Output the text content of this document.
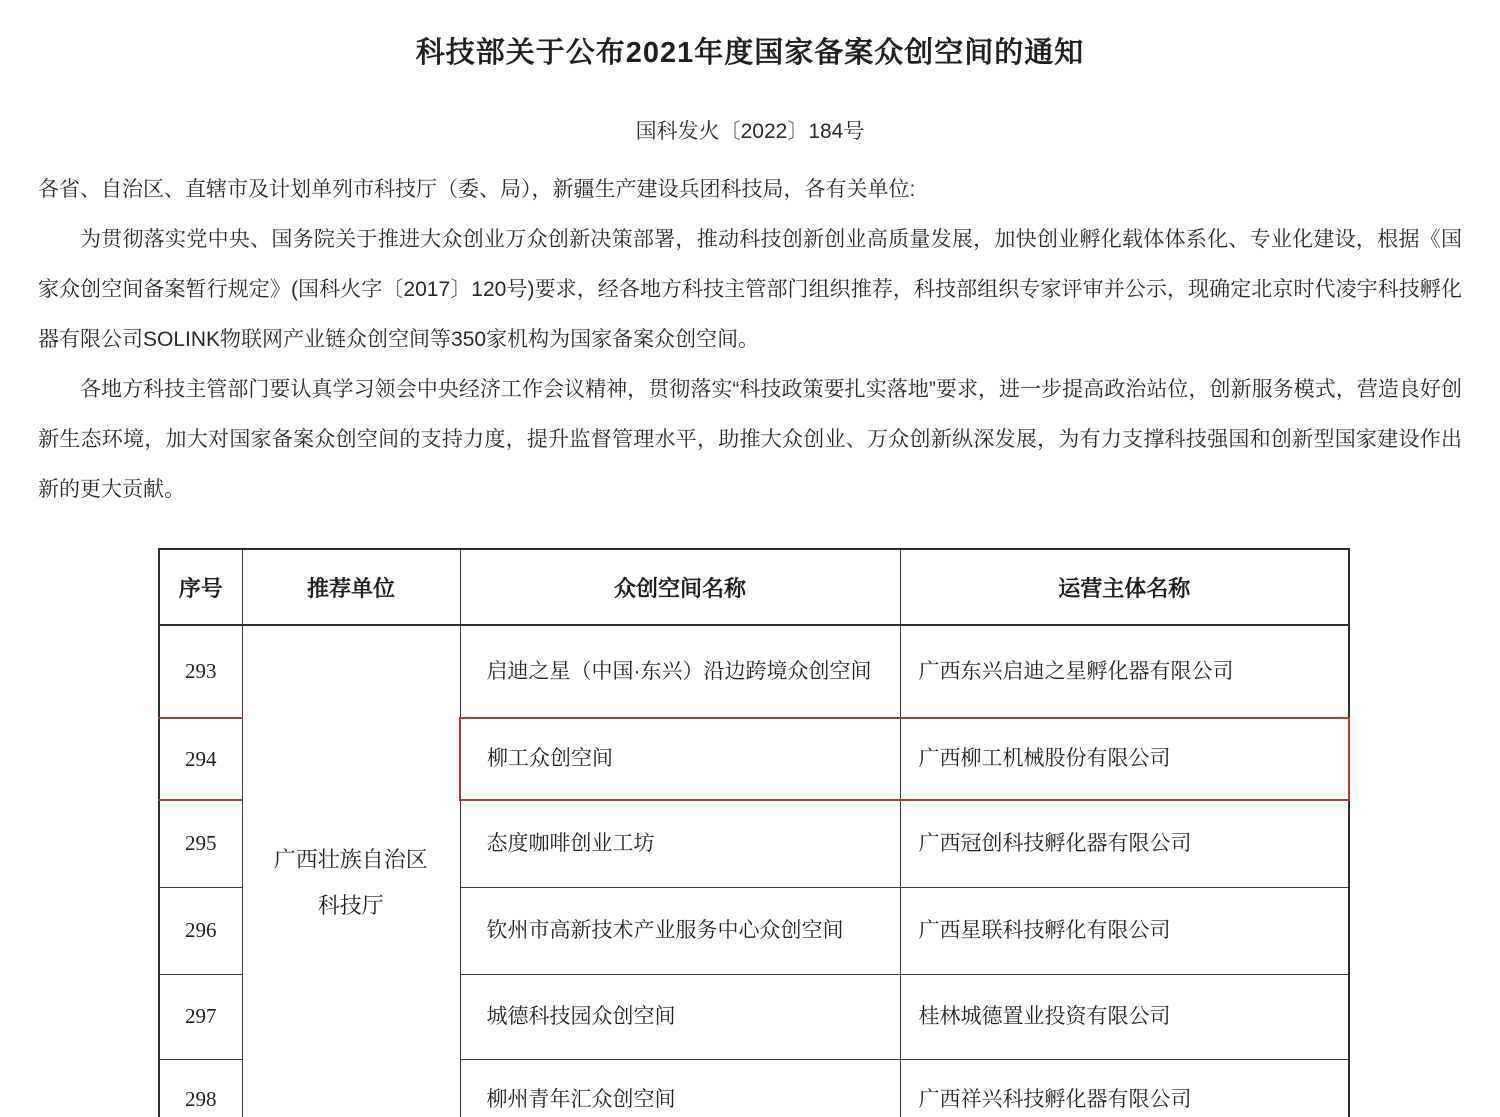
科技部关于公布2021年度国家备案众创空间的通知
国科发火〔2022〕184号

各省、自治区、直辖市及计划单列市科技厅（委、局），新疆生产建设兵团科技局，各有关单位:

为贯彻落实党中央、国务院关于推进大众创业万众创新决策部署，推动科技创新创业高质量发展，加快创业孵化载体体系化、专业化建设，根据《国家众创空间备案暂行规定》(国科火字〔2017〕120号)要求，经各地方科技主管部门组织推荐，科技部组织专家评审并公示，现确定北京时代凌宇科技孵化器有限公司SOLINK物联网产业链众创空间等350家机构为国家备案众创空间。

各地方科技主管部门要认真学习领会中央经济工作会议精神，贯彻落实“科技政策要扎实落地”要求，进一步提高政治站位，创新服务模式，营造良好创新生态环境，加大对国家备案众创空间的支持力度，提升监督管理水平，助推大众创业、万众创新纵深发展，为有力支撑科技强国和创新型国家建设作出新的更大贡献。

序号	推荐单位	众创空间名称	运营主体名称
293	广西壮族自治区科技厅	启迪之星（中国·东兴）沿边跨境众创空间	广西东兴启迪之星孵化器有限公司
294		柳工众创空间	广西柳工机械股份有限公司
295		态度咖啡创业工坊	广西冠创科技孵化器有限公司
296		钦州市高新技术产业服务中心众创空间	广西星联科技孵化有限公司
297		城德科技园众创空间	桂林城德置业投资有限公司
298		柳州青年汇众创空间	广西祥兴科技孵化器有限公司
